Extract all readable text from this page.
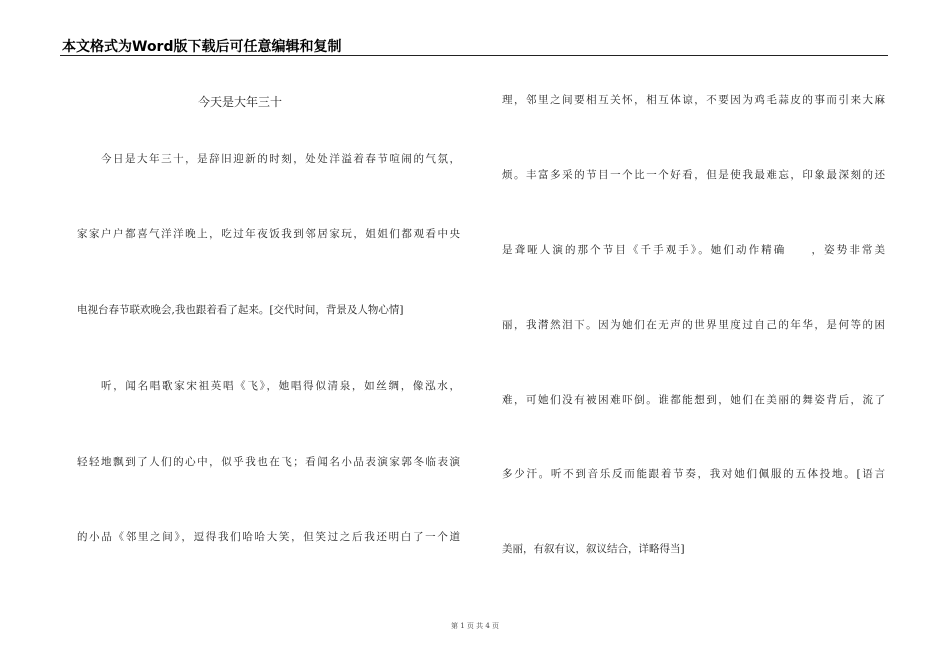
本文格式为Word版下载后可任意编辑和复制
今天是大年三十
今日是大年三十，是辞旧迎新的时刻，处处洋溢着春节喧闹的气氛，
家家户户都喜气洋洋晚上，吃过年夜饭我到邻居家玩，姐姐们都观看中央
电视台春节联欢晚会,我也跟着看了起来。[交代时间，背景及人物心情]
听，闻名唱歌家宋祖英唱《飞》，她唱得似清泉，如丝绸，像泓水，
轻轻地飘到了人们的心中，似乎我也在飞；看闻名小品表演家郭冬临表演
的小品《邻里之间》，逗得我们哈哈大笑，但笑过之后我还明白了一个道
理，邻里之间要相互关怀，相互体谅，不要因为鸡毛蒜皮的事而引来大麻
烦。丰富多采的节目一个比一个好看，但是使我最难忘，印象最深刻的还
是聋哑人演的那个节目《千手观手》。她们动作精确　　，姿势非常美
丽，我潸然泪下。因为她们在无声的世界里度过自己的年华，是何等的困
难，可她们没有被困难吓倒。谁都能想到，她们在美丽的舞姿背后，流了
多少汗。听不到音乐反而能跟着节奏，我对她们佩服的五体投地。[语言
美丽，有叙有议，叙议结合，详略得当]
第 1 页 共 4 页
